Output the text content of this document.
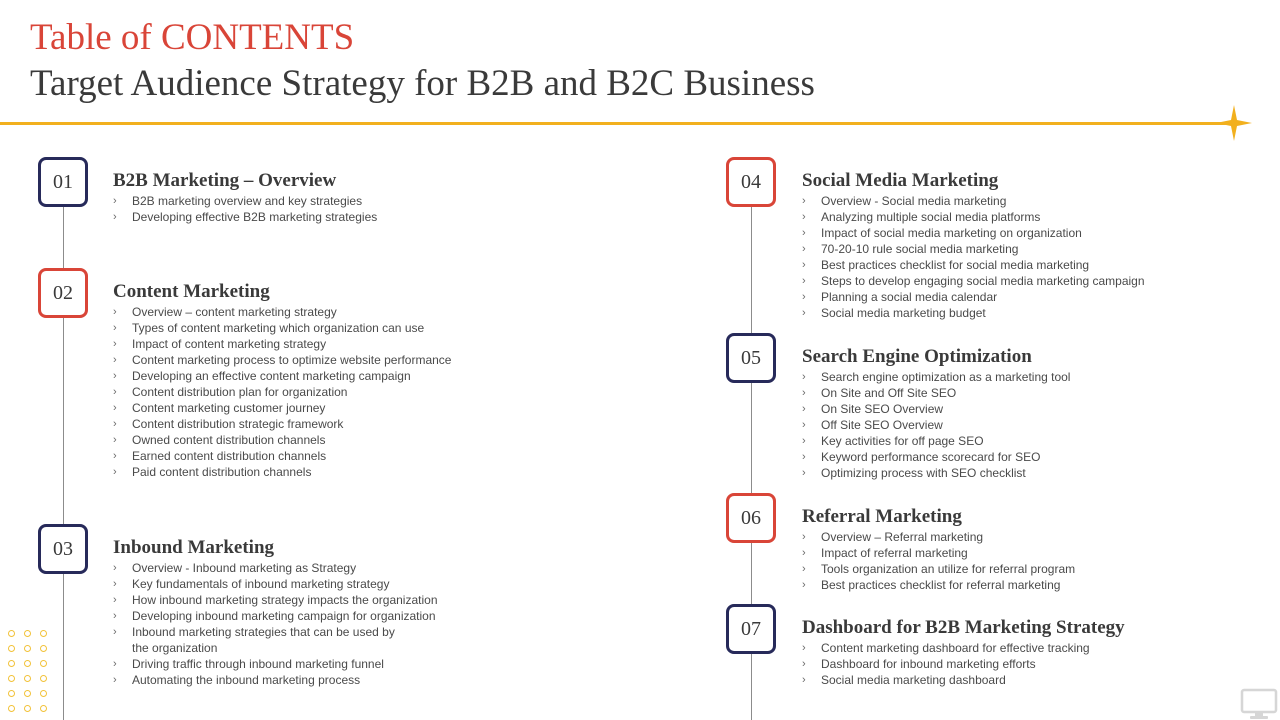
Table of CONTENTS
Target Audience Strategy for B2B and B2C Business
01
02
03
04
05
06
07
B2B Marketing – Overview
› B2B marketing overview and key strategies
› Developing effective B2B marketing strategies
Content Marketing
› Overview – content marketing strategy
› Types of content marketing which organization can use
› Impact of content marketing strategy
› Content marketing process to optimize website performance
› Developing an effective content marketing campaign
› Content distribution plan for organization
› Content marketing customer journey
› Content distribution strategic framework
› Owned content distribution channels
› Earned content distribution channels
› Paid content distribution channels
Inbound Marketing
› Overview - Inbound marketing as Strategy
› Key fundamentals of inbound marketing strategy
› How inbound marketing strategy impacts the organization
› Developing inbound marketing campaign for organization
› Inbound marketing strategies that can be used by
the organization
› Driving traffic through inbound marketing funnel
› Automating the inbound marketing process
Social Media Marketing
› Overview - Social media marketing
› Analyzing multiple social media platforms
› Impact of social media marketing on organization
› 70-20-10 rule social media marketing
› Best practices checklist for social media marketing
› Steps to develop engaging social media marketing campaign
› Planning a social media calendar
› Social media marketing budget
Search Engine Optimization
› Search engine optimization as a marketing tool
› On Site and Off Site SEO
› On Site SEO Overview
› Off Site SEO Overview
› Key activities for off page SEO
› Keyword performance scorecard for SEO
› Optimizing process with SEO checklist
Referral Marketing
› Overview – Referral marketing
› Impact of referral marketing
› Tools organization an utilize for referral program
› Best practices checklist for referral marketing
Dashboard for B2B Marketing Strategy
› Content marketing dashboard for effective tracking
› Dashboard for inbound marketing efforts
› Social media marketing dashboard
